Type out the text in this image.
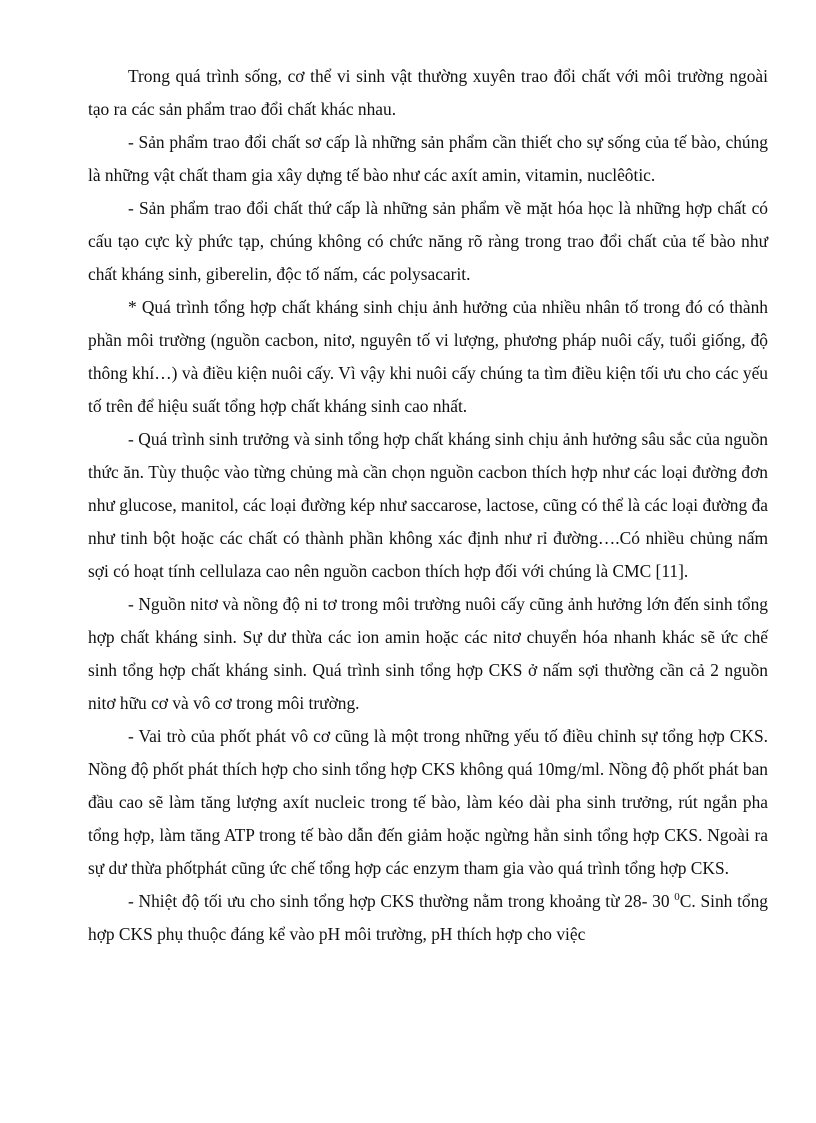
Trong quá trình sống, cơ thể vi sinh vật thường xuyên trao đổi chất với môi trường ngoài tạo ra các sản phẩm trao đổi chất khác nhau.

- Sản phẩm trao đổi chất sơ cấp là những sản phẩm cần thiết cho sự sống của tế bào, chúng là những vật chất tham gia xây dựng tế bào như các axít amin, vitamin, nuclêôtic.

- Sản phẩm trao đổi chất thứ cấp là những sản phẩm về mặt hóa học là những hợp chất có cấu tạo cực kỳ phức tạp, chúng không có chức năng rõ ràng trong trao đổi chất của tế bào như chất kháng sinh, giberelin, độc tố nấm, các polysacarit.

* Quá trình tổng hợp chất kháng sinh chịu ảnh hưởng của nhiều nhân tố trong đó có thành phần môi trường (nguồn cacbon, nitơ, nguyên tố vi lượng, phương pháp nuôi cấy, tuổi giống, độ thông khí…) và điều kiện nuôi cấy. Vì vậy khi nuôi cấy chúng ta tìm điều kiện tối ưu cho các yếu tố trên để hiệu suất tổng hợp chất kháng sinh cao nhất.

- Quá trình sinh trưởng và sinh tổng hợp chất kháng sinh chịu ảnh hưởng sâu sắc của nguồn thức ăn. Tùy thuộc vào từng chủng mà cần chọn nguồn cacbon thích hợp như các loại đường đơn như glucose, manitol, các loại đường kép như saccarose, lactose, cũng có thể là các loại đường đa như tinh bột hoặc các chất có thành phần không xác định như rỉ đường….Có nhiều chủng nấm sợi có hoạt tính cellulaza cao nên nguồn cacbon thích hợp đối với chúng là CMC [11].

- Nguồn nitơ và nồng độ ni tơ trong môi trường nuôi cấy cũng ảnh hưởng lớn đến sinh tổng hợp chất kháng sinh. Sự dư thừa các ion amin hoặc các nitơ chuyển hóa nhanh khác sẽ ức chế sinh tổng hợp chất kháng sinh. Quá trình sinh tổng hợp CKS ở nấm sợi thường cần cả 2 nguồn nitơ hữu cơ và vô cơ trong môi trường.

- Vai trò của phốt phát vô cơ cũng là một trong những yếu tố điều chỉnh sự tổng hợp CKS. Nồng độ phốt phát thích hợp cho sinh tổng hợp CKS không quá 10mg/ml. Nồng độ phốt phát ban đầu cao sẽ làm tăng lượng axít nucleic trong tế bào, làm kéo dài pha sinh trưởng, rút ngắn pha tổng hợp, làm tăng ATP trong tế bào dẫn đến giảm hoặc ngừng hẳn sinh tổng hợp CKS. Ngoài ra sự dư thừa phốtphát cũng ức chế tổng hợp các enzym tham gia vào quá trình tổng hợp CKS.

- Nhiệt độ tối ưu cho sinh tổng hợp CKS thường nằm trong khoảng từ 28- 30 $^0$C. Sinh tổng hợp CKS phụ thuộc đáng kể vào pH môi trường, pH thích hợp cho việc
